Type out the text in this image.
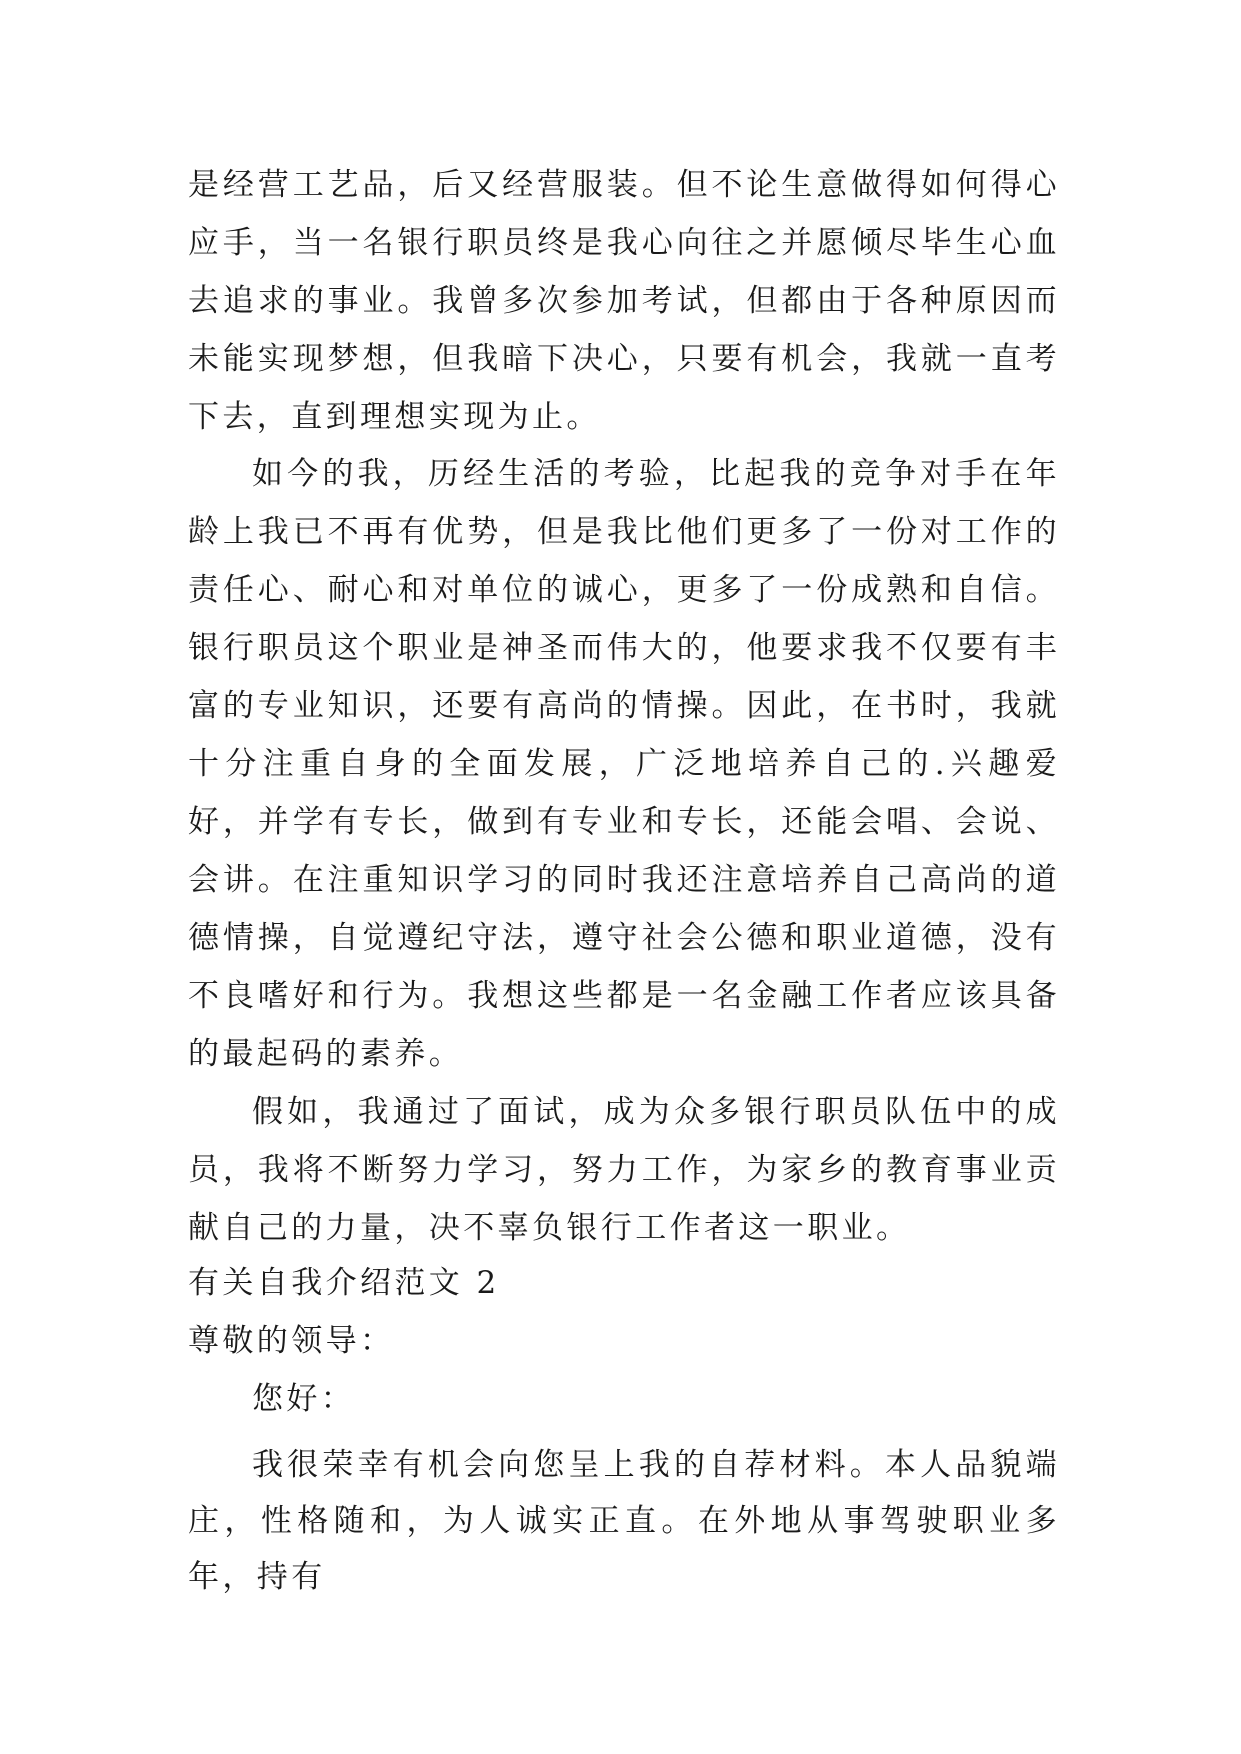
是经营工艺品，后又经营服装。但不论生意做得如何得心应手，当一名银行职员终是我心向往之并愿倾尽毕生心血去追求的事业。我曾多次参加考试，但都由于各种原因而未能实现梦想，但我暗下决心，只要有机会，我就一直考下去，直到理想实现为止。

如今的我，历经生活的考验，比起我的竞争对手在年龄上我已不再有优势，但是我比他们更多了一份对工作的责任心、耐心和对单位的诚心，更多了一份成熟和自信。银行职员这个职业是神圣而伟大的，他要求我不仅要有丰富的专业知识，还要有高尚的情操。因此，在书时，我就十分注重自身的全面发展，广泛地培养自己的.兴趣爱好，并学有专长，做到有专业和专长，还能会唱、会说、会讲。在注重知识学习的同时我还注意培养自己高尚的道德情操，自觉遵纪守法，遵守社会公德和职业道德，没有不良嗜好和行为。我想这些都是一名金融工作者应该具备的最起码的素养。

假如，我通过了面试，成为众多银行职员队伍中的成员，我将不断努力学习，努力工作，为家乡的教育事业贡献自己的力量，决不辜负银行工作者这一职业。

有关自我介绍范文 2

尊敬的领导：

您好：

我很荣幸有机会向您呈上我的自荐材料。本人品貌端庄，性格随和，为人诚实正直。在外地从事驾驶职业多年，持有
